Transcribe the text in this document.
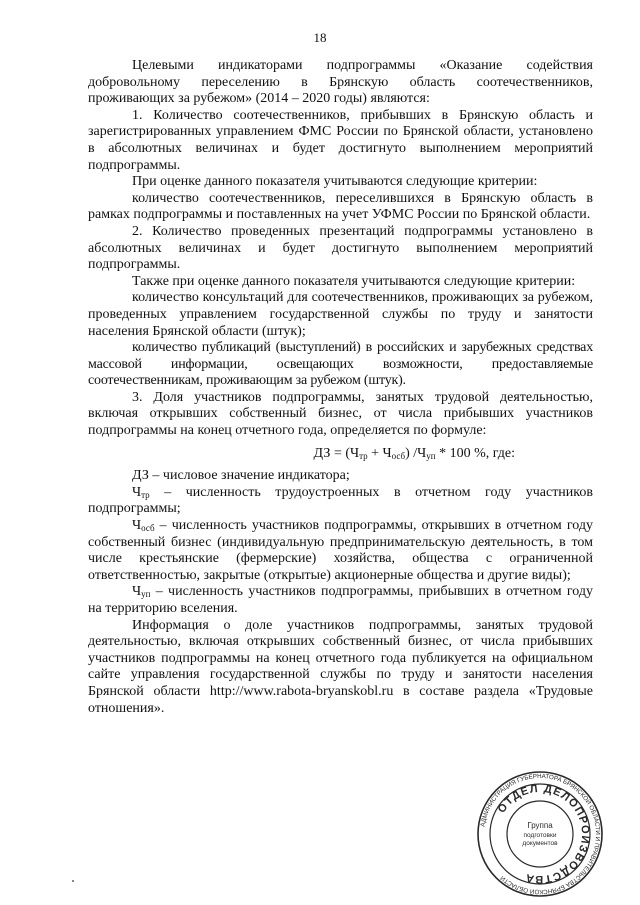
18

Целевыми индикаторами подпрограммы «Оказание содействия добровольному переселению в Брянскую область соотечественников, проживающих за рубежом» (2014 – 2020 годы) являются:

1. Количество соотечественников, прибывших в Брянскую область и зарегистрированных управлением ФМС России по Брянской области, установлено в абсолютных величинах и будет достигнуто выполнением мероприятий подпрограммы.

При оценке данного показателя учитываются следующие критерии:

количество соотечественников, переселившихся в Брянскую область в рамках подпрограммы и поставленных на учет УФМС России по Брянской области.

2. Количество проведенных презентаций подпрограммы установлено в абсолютных величинах и будет достигнуто выполнением мероприятий подпрограммы.

Также при оценке данного показателя учитываются следующие критерии:

количество консультаций для соотечественников, проживающих за рубежом, проведенных управлением государственной службы по труду и занятости населения Брянской области (штук);

количество публикаций (выступлений) в российских и зарубежных средствах массовой информации, освещающих возможности, предоставляемые соотечественникам, проживающим за рубежом (штук).

3. Доля участников подпрограммы, занятых трудовой деятельностью, включая открывших собственный бизнес, от числа прибывших участников подпрограммы на конец отчетного года, определяется по формуле:

ДЗ = $(Ч_{тр} + Ч_{осб})$ $/Ч_{уп} * 100$ %, где:

ДЗ – числовое значение индикатора;

$Ч_{тр}$ – численность трудоустроенных в отчетном году участников подпрограммы;

$Ч_{осб}$ – численность участников подпрограммы, открывших в отчетном году собственный бизнес (индивидуальную предпринимательскую деятельность, в том числе крестьянские (фермерские) хозяйства, общества с ограниченной ответственностью, закрытые (открытые) акционерные общества и другие виды);

$Ч_{уп}$ – численность участников подпрограммы, прибывших в отчетном году на территорию вселения.

Информация о доле участников подпрограммы, занятых трудовой деятельностью, включая открывших собственный бизнес, от числа прибывших участников подпрограммы на конец отчетного года публикуется на официальном сайте управления государственной службы по труду и занятости населения Брянской области http://www.rabota-bryanskobl.ru в составе раздела «Трудовые отношения».

АДМИНИСТРАЦИЯ ГУБЕРНАТОРА БРЯНСКОЙ ОБЛАСТИ И ПРАВИТЕЛЬСТВА БРЯНСКОЙ ОБЛАСТИ
ОТДЕЛ ДЕЛОПРОИЗВОДСТВА
Группа
подготовки
документов
